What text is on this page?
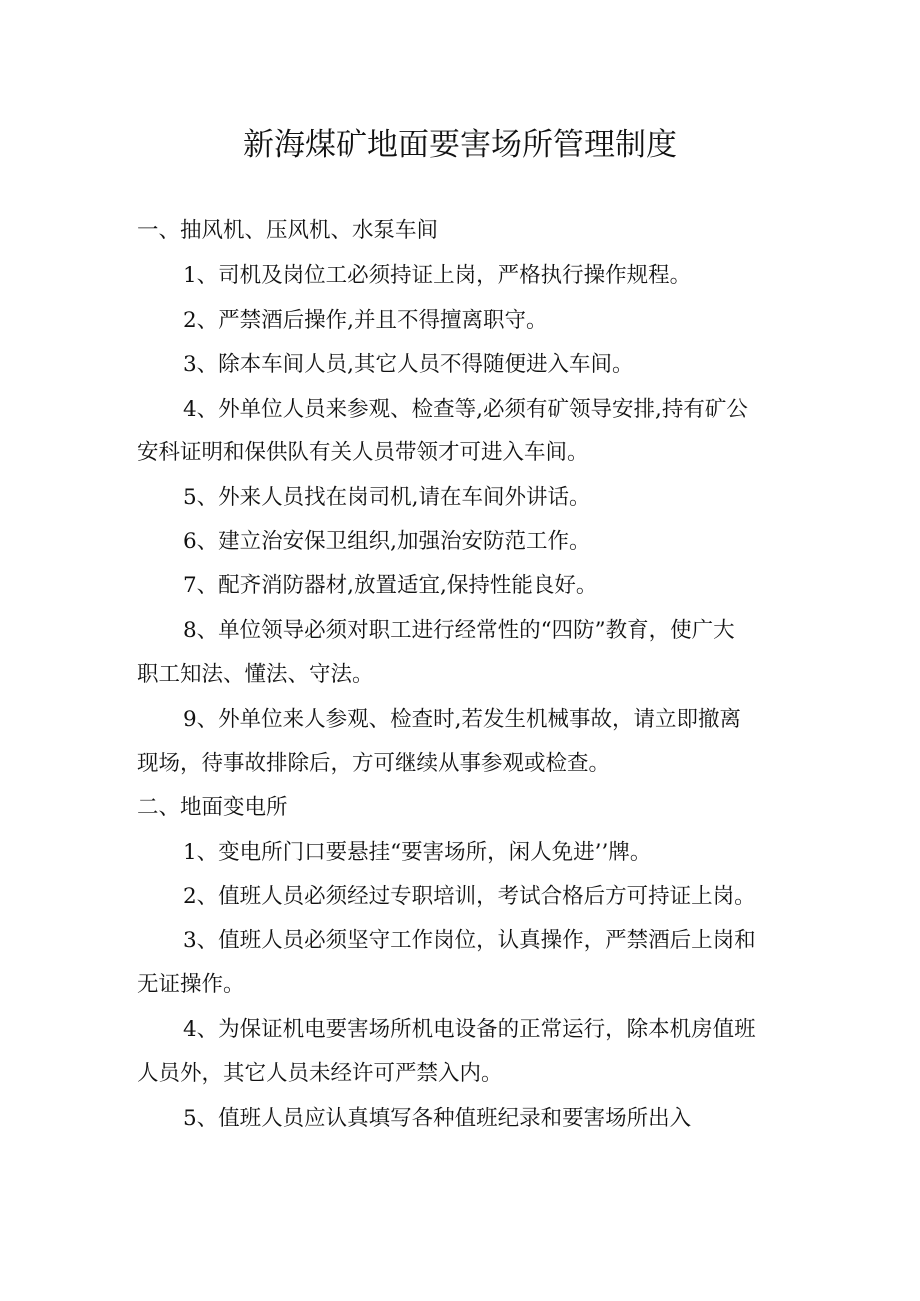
新海煤矿地面要害场所管理制度
一、抽风机、压风机、水泵车间
1、司机及岗位工必须持证上岗，严格执行操作规程。
2、严禁酒后操作,并且不得擅离职守。
3、除本车间人员,其它人员不得随便进入车间。
4、外单位人员来参观、检查等,必须有矿领导安排,持有矿公
安科证明和保供队有关人员带领才可进入车间。
5、外来人员找在岗司机,请在车间外讲话。
6、建立治安保卫组织,加强治安防范工作。
7、配齐消防器材,放置适宜,保持性能良好。
8、单位领导必须对职工进行经常性的“四防”教育，使广大
职工知法、懂法、守法。
9、外单位来人参观、检查时,若发生机械事故，请立即撤离
现场，待事故排除后，方可继续从事参观或检查。
二、地面变电所
1、变电所门口要悬挂“要害场所，闲人免进’’牌。
2、值班人员必须经过专职培训，考试合格后方可持证上岗。
3、值班人员必须坚守工作岗位，认真操作，严禁酒后上岗和
无证操作。
4、为保证机电要害场所机电设备的正常运行，除本机房值班
人员外，其它人员未经许可严禁入内。
5、值班人员应认真填写各种值班纪录和要害场所出入
